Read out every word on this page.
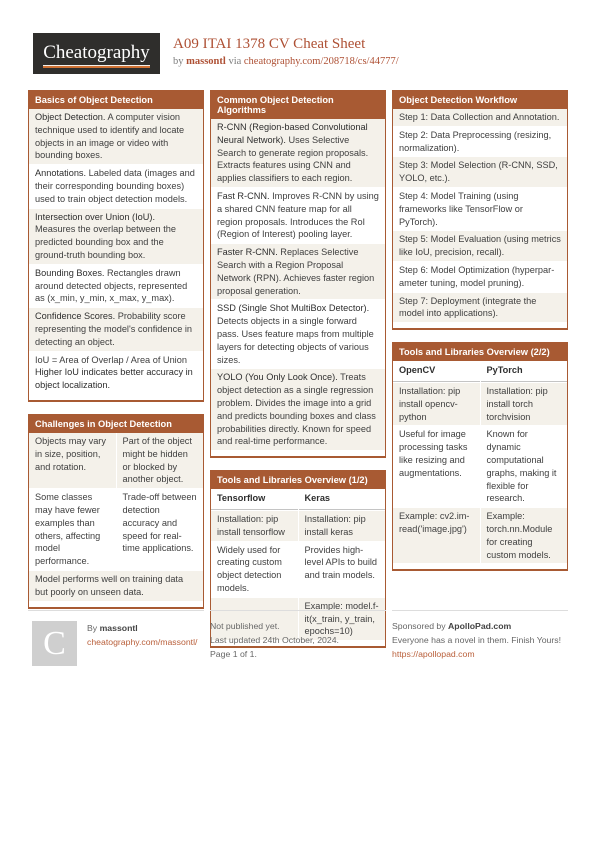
Cheatography A09 ITAI 1378 CV Cheat Sheet
by massontl via cheatography.com/208718/cs/44777/
Basics of Object Detection
Object Detection. A computer vision technique used to identify and locate objects in an image or video with bounding boxes.
Annotations. Labeled data (images and their corresponding bounding boxes) used to train object detection models.
Intersection over Union (IoU). Measures the overlap between the predicted bounding box and the ground-truth bounding box.
Bounding Boxes. Rectangles drawn around detected objects, represented as (x_min, y_min, x_max, y_max).
Confidence Scores. Probability score representing the model's confidence in detecting an object.
IoU = Area of Overlap / Area of Union
Higher IoU indicates better accuracy in object localization.
Challenges in Object Detection
Objects may vary in size, position, and rotation.
Part of the object might be hidden or blocked by another object.
Some classes may have fewer examples than others, affecting model performance.
Trade-off between detection accuracy and speed for real-time applications.
Model performs well on training data but poorly on unseen data.
Common Object Detection Algorithms
R-CNN (Region-based Convolutional Neural Network). Uses Selective Search to generate region proposals. Extracts features using CNN and applies classifiers to each region.
Fast R-CNN. Improves R-CNN by using a shared CNN feature map for all region proposals. Introduces the RoI (Region of Interest) pooling layer.
Faster R-CNN. Replaces Selective Search with a Region Proposal Network (RPN). Achieves faster region proposal generation.
SSD (Single Shot MultiBox Detector). Detects objects in a single forward pass. Uses feature maps from multiple layers for detecting objects of various sizes.
YOLO (You Only Look Once). Treats object detection as a single regression problem. Divides the image into a grid and predicts bounding boxes and class probabilities directly. Known for speed and real-time performance.
Tools and Libraries Overview (1/2)
Tensorflow	Keras
Installation: pip install tensorflow
Installation: pip install keras
Widely used for creating custom object detection models.
Provides high-level APIs to build and train models.
Example: model.fit(x_train, y_train, epochs=10)
Object Detection Workflow
Step 1: Data Collection and Annotation.
Step 2: Data Preprocessing (resizing, normalization).
Step 3: Model Selection (R-CNN, SSD, YOLO, etc.).
Step 4: Model Training (using frameworks like TensorFlow or PyTorch).
Step 5: Model Evaluation (using metrics like IoU, precision, recall).
Step 6: Model Optimization (hyperparameter tuning, model pruning).
Step 7: Deployment (integrate the model into applications).
Tools and Libraries Overview (2/2)
OpenCV	PyTorch
Installation: pip install opencv-python
Installation: pip install torch torchvision
Useful for image processing tasks like resizing and augmentations.
Known for dynamic computational graphs, making it flexible for research.
Example: cv2.imread('image.jpg')
Example: torch.nn.Module for creating custom models.
C By massontl
cheatography.com/massontl/
Not published yet.
Last updated 24th October, 2024.
Page 1 of 1.
Sponsored by ApolloPad.com
Everyone has a novel in them. Finish Yours!
https://apollopad.com
